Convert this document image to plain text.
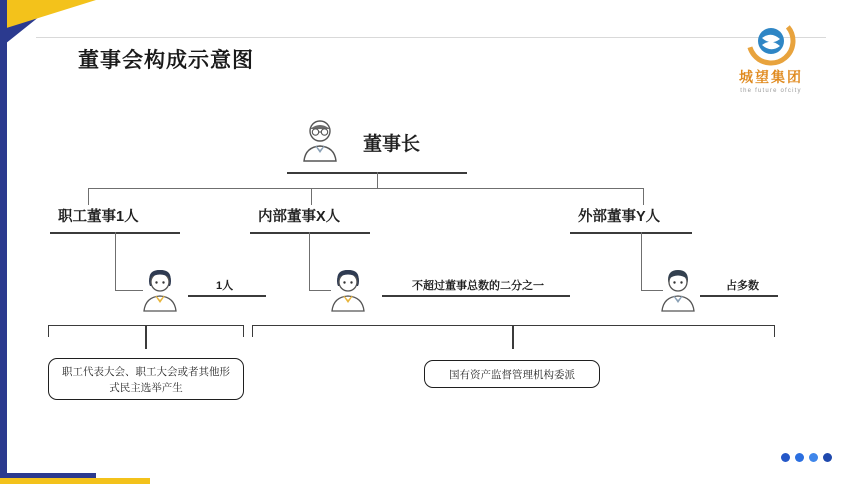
董事会构成示意图
城望集团
the future ofcity
董事长
职工董事1人
1人
内部董事X人
不超过董事总数的二分之一
外部董事Y人
占多数
职工代表大会、职工大会或者其他形式民主选举产生
国有资产监督管理机构委派
